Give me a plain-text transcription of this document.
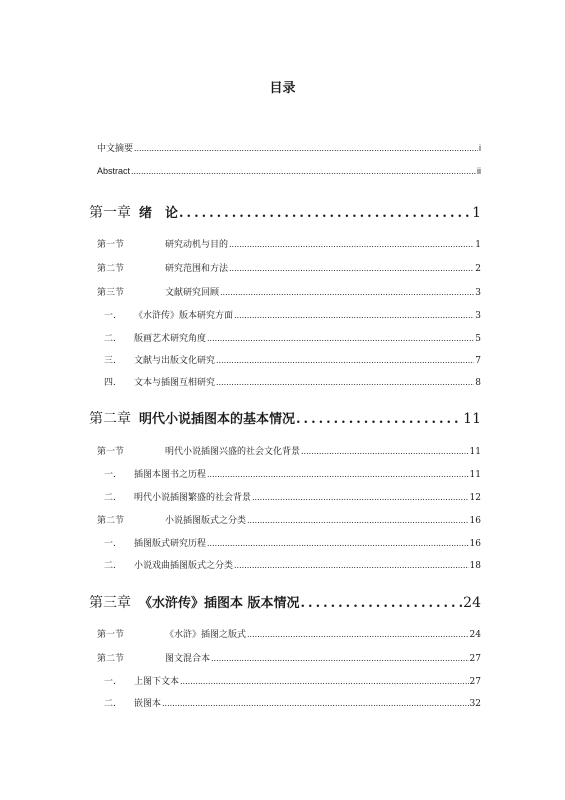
目录
中文摘要 .....	i
Abstract .....	ii
第一章 绪　论 .....	1
第一节	研究动机与目的 .....	1
第二节	研究范围和方法 .....	2
第三节	文献研究回顾 .....	3
一.	《水浒传》版本研究方面 .....	3
二.	版画艺术研究角度 .....	5
三.	文献与出版文化研究 .....	7
四.	文本与插图互相研究 .....	8
第二章 明代小说插图本的基本情况 .....	11
第一节	明代小说插图兴盛的社会文化背景 .....	11
一.	插图本图书之历程 .....	11
二.	明代小说插图繁盛的社会背景 .....	12
第二节	小说插图版式之分类 .....	16
一.	插图版式研究历程 .....	16
二.	小说戏曲插图版式之分类 .....	18
第三章 《水浒传》插图本 版本情况 .....	24
第一节	《水浒》插图之版式 .....	24
第二节	图文混合本 .....	27
一.	上图下文本 .....	27
二.	嵌图本 .....	32
